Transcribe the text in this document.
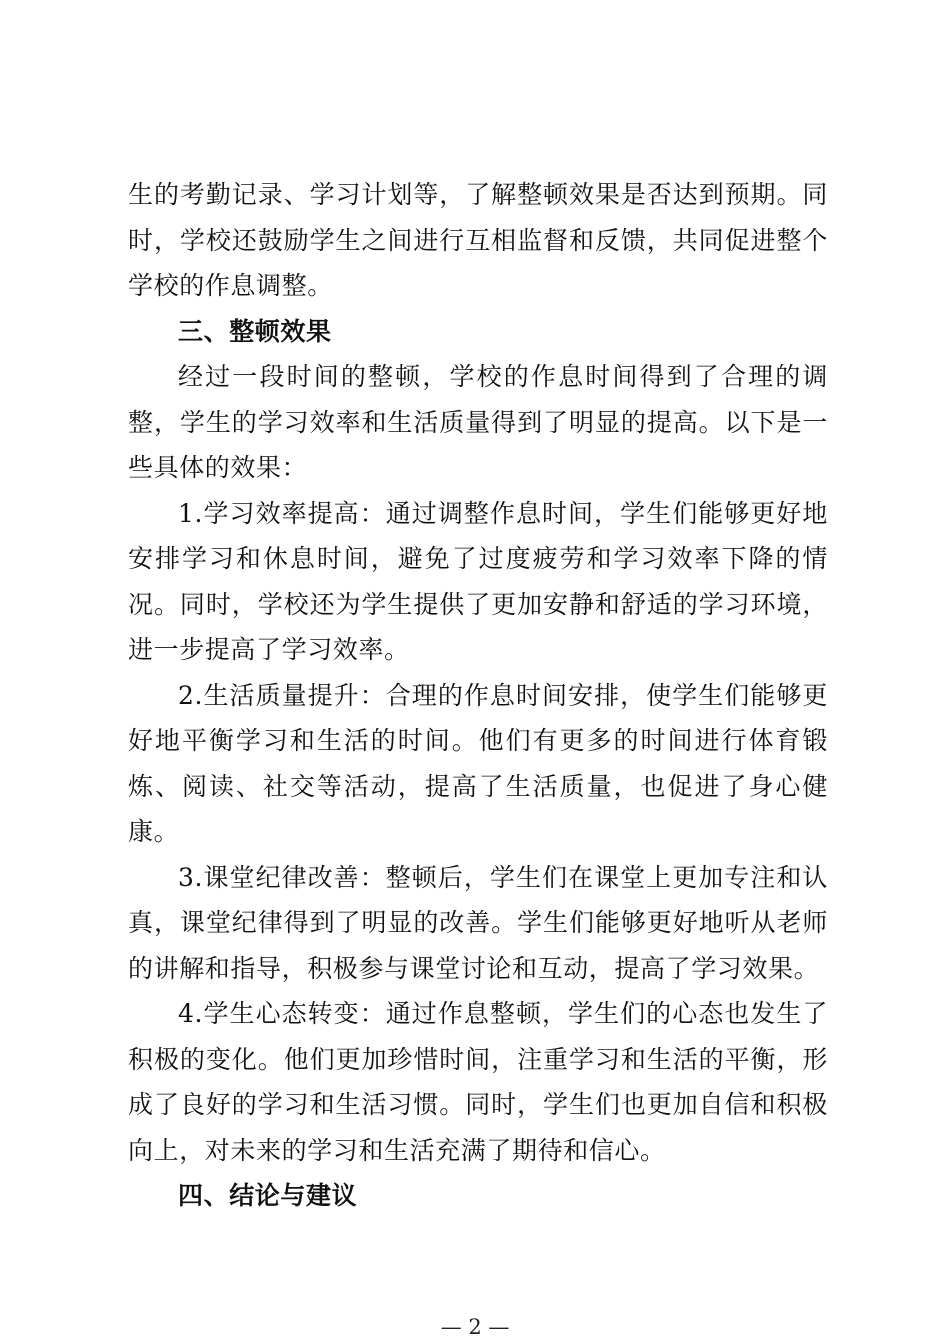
生的考勤记录、学习计划等，了解整顿效果是否达到预期。同时，学校还鼓励学生之间进行互相监督和反馈，共同促进整个学校的作息调整。

三、整顿效果

经过一段时间的整顿，学校的作息时间得到了合理的调整，学生的学习效率和生活质量得到了明显的提高。以下是一些具体的效果：

1.学习效率提高：通过调整作息时间，学生们能够更好地安排学习和休息时间，避免了过度疲劳和学习效率下降的情况。同时，学校还为学生提供了更加安静和舒适的学习环境，进一步提高了学习效率。

2.生活质量提升：合理的作息时间安排，使学生们能够更好地平衡学习和生活的时间。他们有更多的时间进行体育锻炼、阅读、社交等活动，提高了生活质量，也促进了身心健康。

3.课堂纪律改善：整顿后，学生们在课堂上更加专注和认真，课堂纪律得到了明显的改善。学生们能够更好地听从老师的讲解和指导，积极参与课堂讨论和互动，提高了学习效果。

4.学生心态转变：通过作息整顿，学生们的心态也发生了积极的变化。他们更加珍惜时间，注重学习和生活的平衡，形成了良好的学习和生活习惯。同时，学生们也更加自信和积极向上，对未来的学习和生活充满了期待和信心。

四、结论与建议

— 2 —
